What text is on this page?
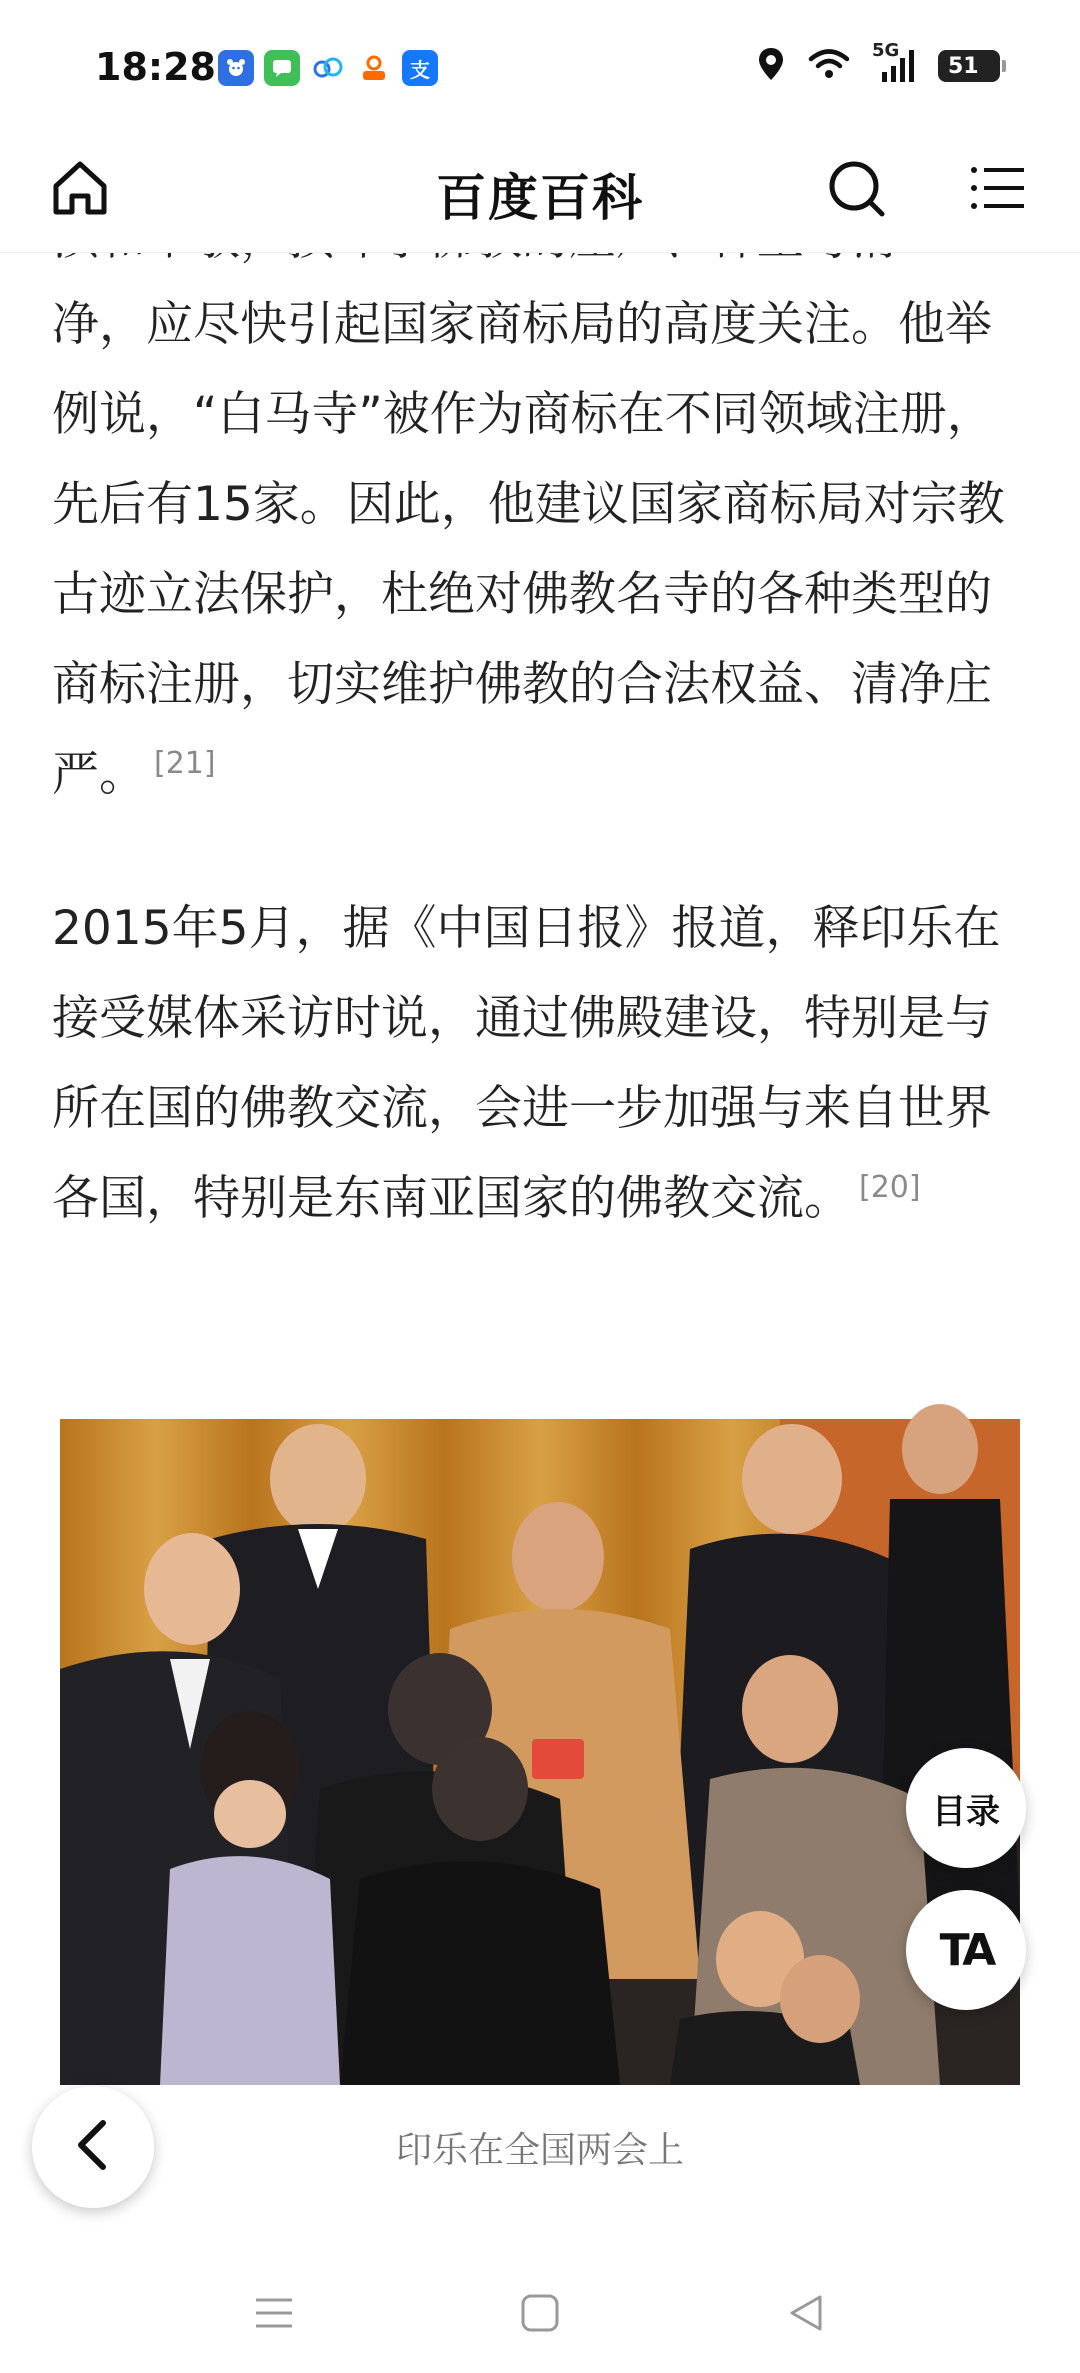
18:28	支
5G
51
百度百科

净，应尽快引起国家商标局的高度关注。他举例说，“白马寺”被作为商标在不同领域注册，先后有15家。因此，他建议国家商标局对宗教古迹立法保护，杜绝对佛教名寺的各种类型的商标注册，切实维护佛教的合法权益、清净庄严。 [21]

2015年5月，据《中国日报》报道，释印乐在接受媒体采访时说，通过佛殿建设，特别是与所在国的佛教交流，会进一步加强与来自世界各国，特别是东南亚国家的佛教交流。 [20]

印乐在全国两会上
目录
TA
